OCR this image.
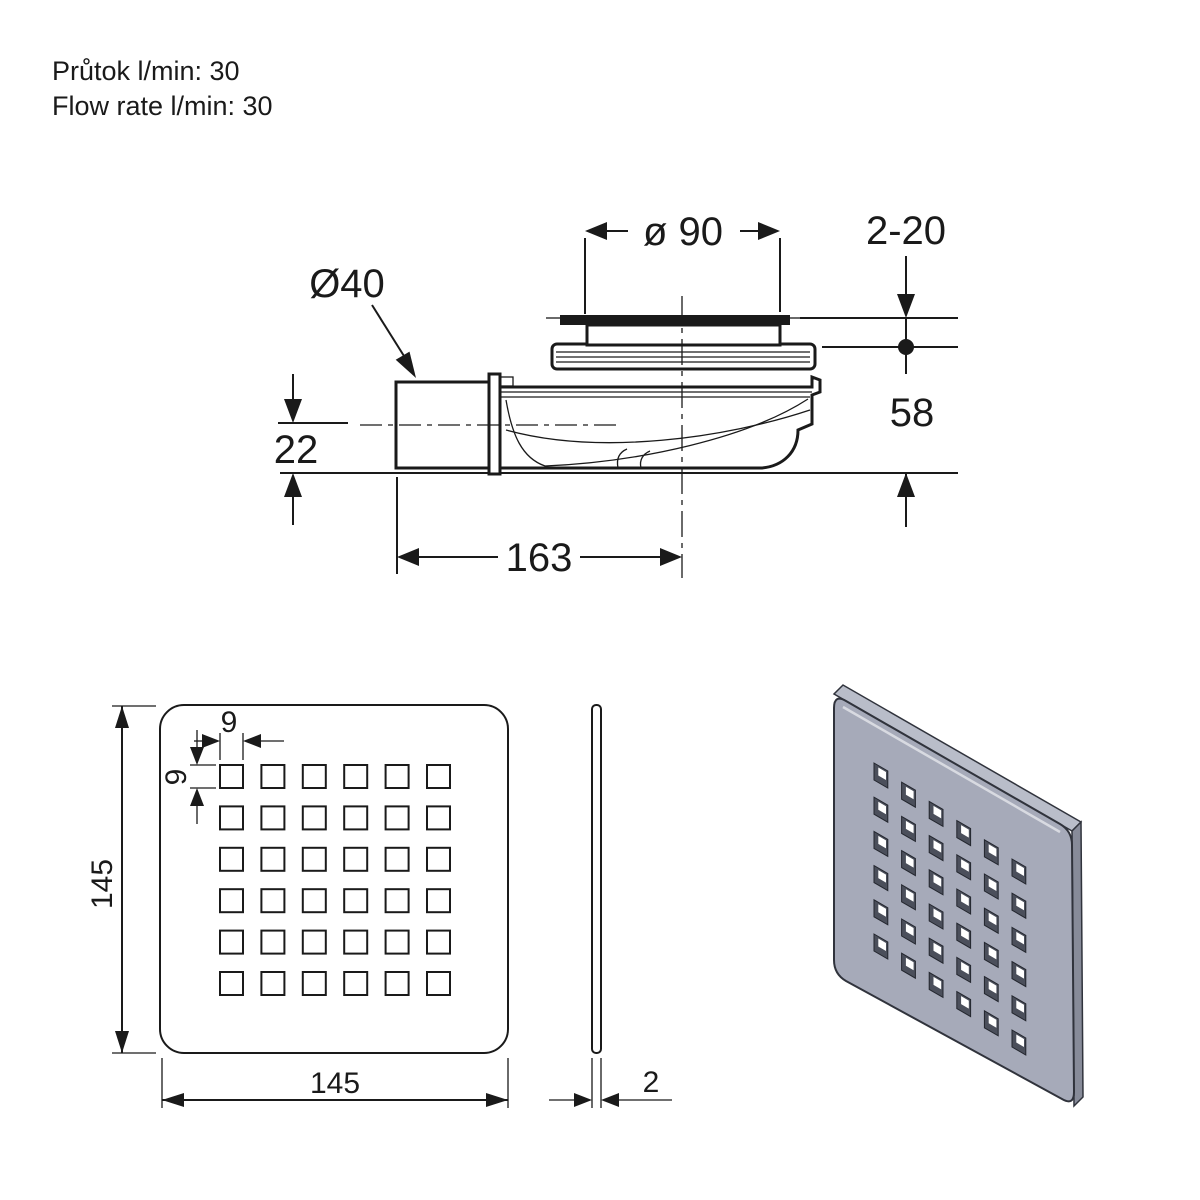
Průtok l/min: 30
Flow rate l/min: 30
ø 90	2-20
58
22
Ø40
163
9
9
145
145	2
